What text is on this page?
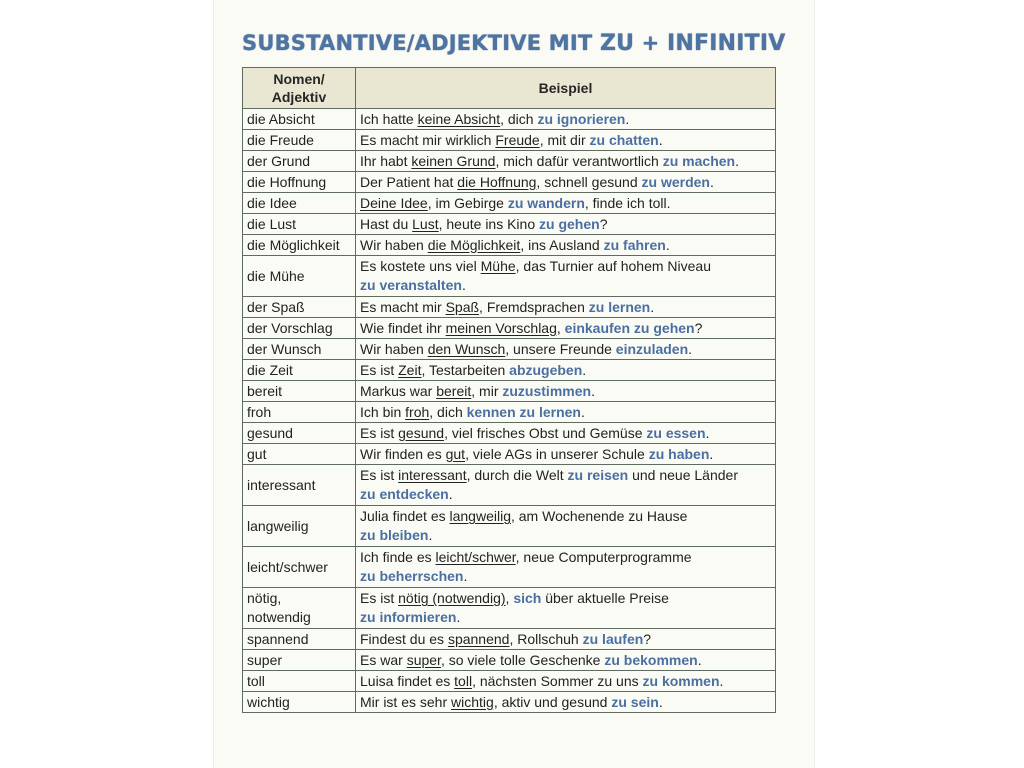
SUBSTANTIVE/ADJEKTIVE MIT ZU + INFINITIV
Nomen/
Adjektiv	Beispiel
die Absicht	Ich hatte keine Absicht, dich zu ignorieren.
die Freude	Es macht mir wirklich Freude, mit dir zu chatten.
der Grund	Ihr habt keinen Grund, mich dafür verantwortlich zu machen.
die Hoffnung	Der Patient hat die Hoffnung, schnell gesund zu werden.
die Idee	Deine Idee, im Gebirge zu wandern, finde ich toll.
die Lust	Hast du Lust, heute ins Kino zu gehen?
die Möglichkeit	Wir haben die Möglichkeit, ins Ausland zu fahren.
die Mühe	Es kostete uns viel Mühe, das Turnier auf hohem Niveau
zu veranstalten.
der Spaß	Es macht mir Spaß, Fremdsprachen zu lernen.
der Vorschlag	Wie findet ihr meinen Vorschlag, einkaufen zu gehen?
der Wunsch	Wir haben den Wunsch, unsere Freunde einzuladen.
die Zeit	Es ist Zeit, Testarbeiten abzugeben.
bereit	Markus war bereit, mir zuzustimmen.
froh	Ich bin froh, dich kennen zu lernen.
gesund	Es ist gesund, viel frisches Obst und Gemüse zu essen.
gut	Wir finden es gut, viele AGs in unserer Schule zu haben.
interessant	Es ist interessant, durch die Welt zu reisen und neue Länder
zu entdecken.
langweilig	Julia findet es langweilig, am Wochenende zu Hause
zu bleiben.
leicht/schwer	Ich finde es leicht/schwer, neue Computerprogramme
zu beherrschen.
nötig,
notwendig	Es ist nötig (notwendig), sich über aktuelle Preise
zu informieren.
spannend	Findest du es spannend, Rollschuh zu laufen?
super	Es war super, so viele tolle Geschenke zu bekommen.
toll	Luisa findet es toll, nächsten Sommer zu uns zu kommen.
wichtig	Mir ist es sehr wichtig, aktiv und gesund zu sein.
